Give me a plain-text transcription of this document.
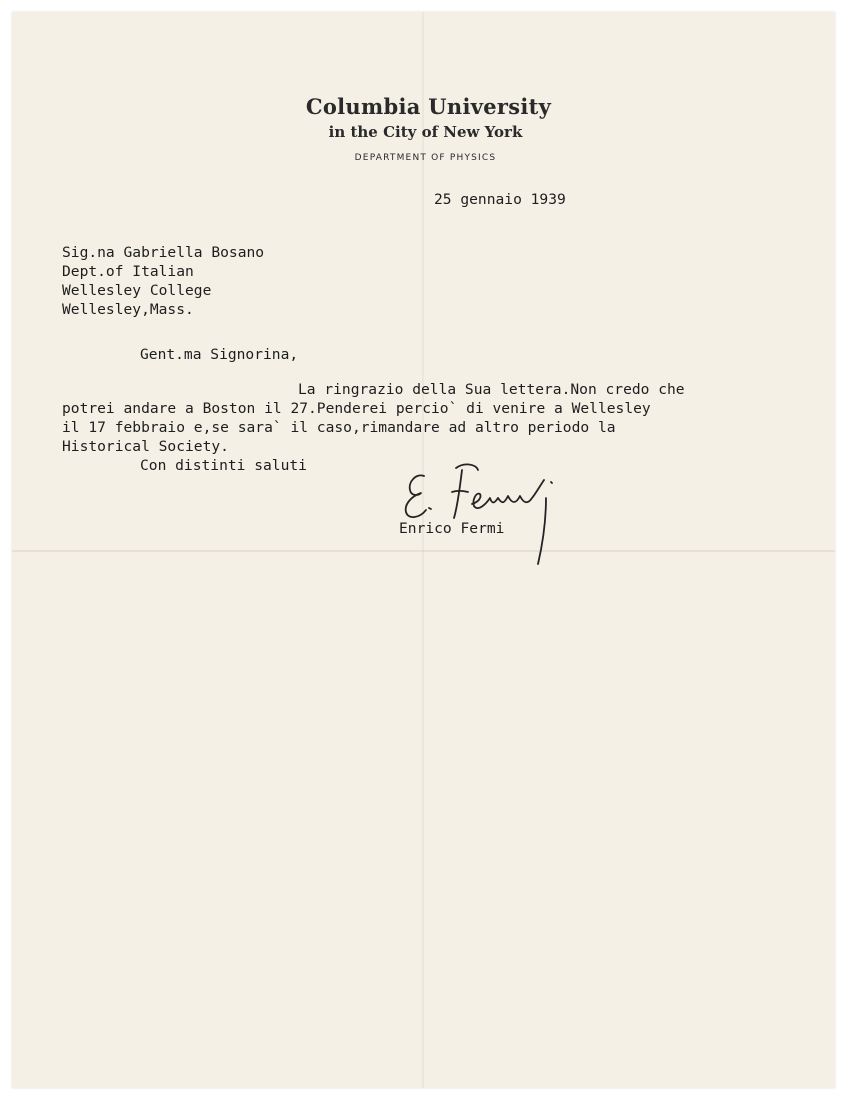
Columbia University
in the City of New York
DEPARTMENT OF PHYSICS
25 gennaio 1939
Sig.na Gabriella Bosano
Dept.of Italian
Wellesley College
Wellesley,Mass.
Gent.ma Signorina,
La ringrazio della Sua lettera.Non credo che
potrei andare a Boston il 27.Penderei percio` di venire a Wellesley
il 17 febbraio e,se sara` il caso,rimandare ad altro periodo la
Historical Society.
Con distinti saluti
Enrico Fermi
